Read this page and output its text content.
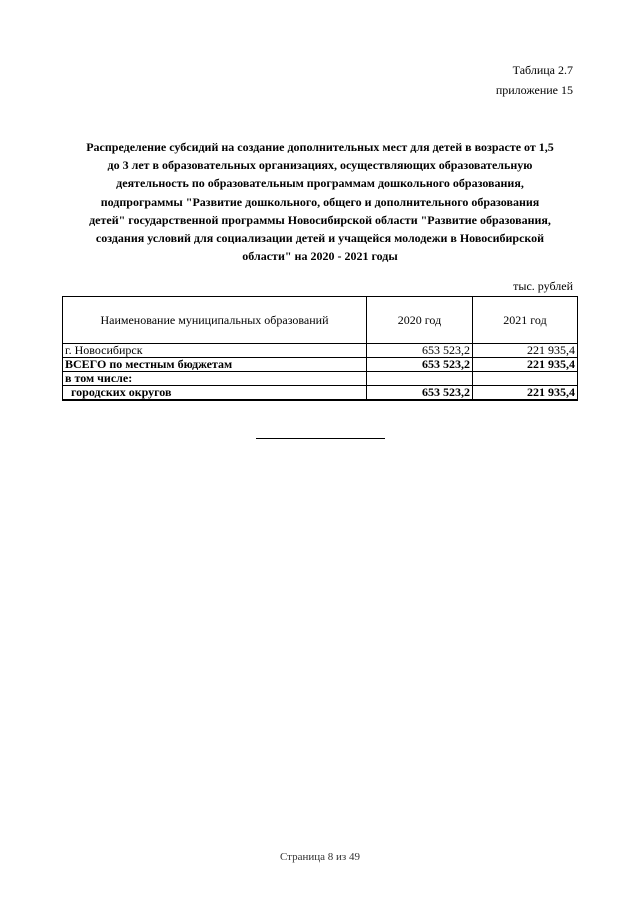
Таблица 2.7
приложение 15
Распределение субсидий на создание дополнительных мест для детей в возрасте от 1,5
до 3 лет в образовательных организациях, осуществляющих образовательную
деятельность по образовательным программам дошкольного образования,
подпрограммы "Развитие дошкольного, общего и дополнительного образования
детей" государственной программы Новосибирской области "Развитие образования,
создания условий для социализации детей и учащейся молодежи в Новосибирской
области" на 2020 - 2021 годы
тыс. рублей
Наименование муниципальных образований	2020 год	2021 год
г. Новосибирск	653 523,2	221 935,4
ВСЕГО по местным бюджетам	653 523,2	221 935,4
в том числе:		
городских округов	653 523,2	221 935,4
Страница 8 из 49
